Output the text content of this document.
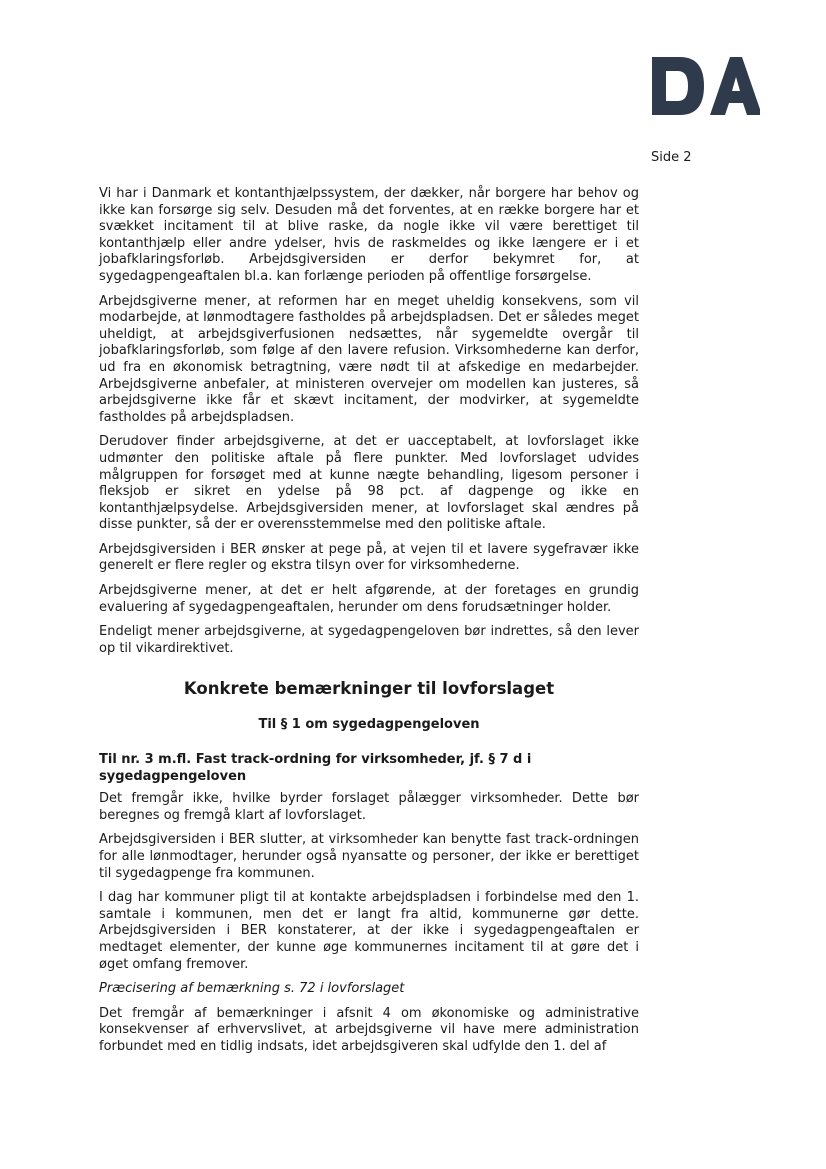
Side 2

Vi har i Danmark et kontanthjælpssystem, der dækker, når borgere har behov og ikke kan forsørge sig selv. Desuden må det forventes, at en række borgere har et svækket incitament til at blive raske, da nogle ikke vil være berettiget til kontanthjælp eller andre ydelser, hvis de raskmeldes og ikke længere er i et jobafklaringsforløb. Arbejdsgiversiden er derfor bekymret for, at sygedagpengeaftalen bl.a. kan forlænge perioden på offentlige forsørgelse.

Arbejdsgiverne mener, at reformen har en meget uheldig konsekvens, som vil modarbejde, at lønmodtagere fastholdes på arbejdspladsen. Det er således meget uheldigt, at arbejdsgiverfusionen nedsættes, når sygemeldte overgår til jobafklaringsforløb, som følge af den lavere refusion. Virksomhederne kan derfor, ud fra en økonomisk betragtning, være nødt til at afskedige en medarbejder. Arbejdsgiverne anbefaler, at ministeren overvejer om modellen kan justeres, så arbejdsgiverne ikke får et skævt incitament, der modvirker, at sygemeldte fastholdes på arbejdspladsen.

Derudover finder arbejdsgiverne, at det er uacceptabelt, at lovforslaget ikke udmønter den politiske aftale på flere punkter. Med lovforslaget udvides målgruppen for forsøget med at kunne nægte behandling, ligesom personer i fleksjob er sikret en ydelse på 98 pct. af dagpenge og ikke en kontanthjælpsydelse. Arbejdsgiversiden mener, at lovforslaget skal ændres på disse punkter, så der er overensstemmelse med den politiske aftale.

Arbejdsgiversiden i BER ønsker at pege på, at vejen til et lavere sygefravær ikke generelt er flere regler og ekstra tilsyn over for virksomhederne.

Arbejdsgiverne mener, at det er helt afgørende, at der foretages en grundig evaluering af sygedagpengeaftalen, herunder om dens forudsætninger holder.

Endeligt mener arbejdsgiverne, at sygedagpengeloven bør indrettes, så den lever op til vikardirektivet.

Konkrete bemærkninger til lovforslaget
Til § 1 om sygedagpengeloven
Til nr. 3 m.fl. Fast track-ordning for virksomheder, jf. § 7 d i sygedagpengeloven

Det fremgår ikke, hvilke byrder forslaget pålægger virksomheder. Dette bør beregnes og fremgå klart af lovforslaget.

Arbejdsgiversiden i BER slutter, at virksomheder kan benytte fast track-ordningen for alle lønmodtager, herunder også nyansatte og personer, der ikke er berettiget til sygedagpenge fra kommunen.

I dag har kommuner pligt til at kontakte arbejdspladsen i forbindelse med den 1. samtale i kommunen, men det er langt fra altid, kommunerne gør dette. Arbejdsgiversiden i BER konstaterer, at der ikke i sygedagpengeaftalen er medtaget elementer, der kunne øge kommunernes incitament til at gøre det i øget omfang fremover.

Præcisering af bemærkning s. 72 i lovforslaget

Det fremgår af bemærkninger i afsnit 4 om økonomiske og administrative konsekvenser af erhvervslivet, at arbejdsgiverne vil have mere administration forbundet med en tidlig indsats, idet arbejdsgiveren skal udfylde den 1. del af
